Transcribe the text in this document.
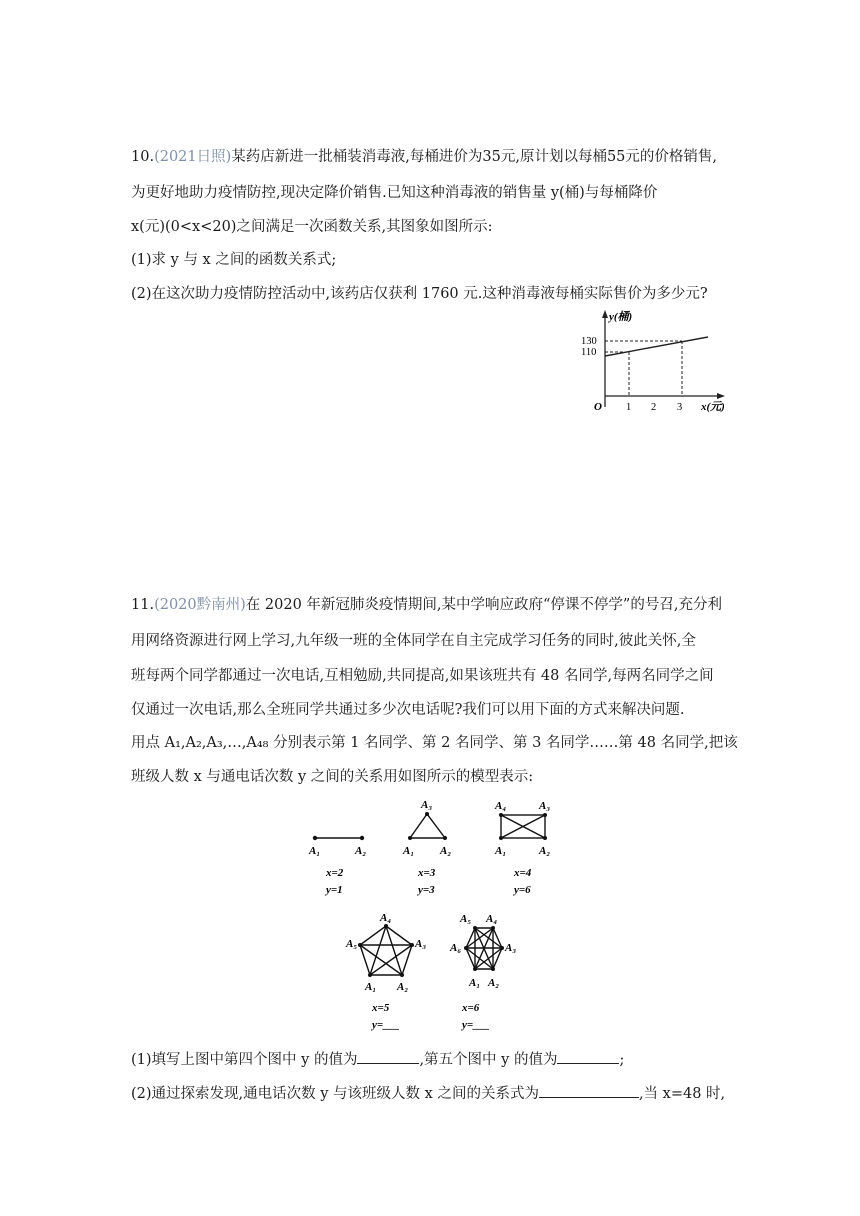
10.(2021日照)某药店新进一批桶装消毒液,每桶进价为35元,原计划以每桶55元的价格销售,
为更好地助力疫情防控,现决定降价销售.已知这种消毒液的销售量 y(桶)与每桶降价
x(元)(0<x<20)之间满足一次函数关系,其图象如图所示:
(1)求 y 与 x 之间的函数关系式;
(2)在这次助力疫情防控活动中,该药店仅获利 1760 元.这种消毒液每桶实际售价为多少元?
y(桶)
x(元)
O
130
110
1 2 3
11.(2020黔南州)在 2020 年新冠肺炎疫情期间,某中学响应政府“停课不停学”的号召,充分利
用网络资源进行网上学习,九年级一班的全体同学在自主完成学习任务的同时,彼此关怀,全
班每两个同学都通过一次电话,互相勉励,共同提高,如果该班共有 48 名同学,每两名同学之间
仅通过一次电话,那么全班同学共通过多少次电话呢?我们可以用下面的方式来解决问题.
用点 A₁,A₂,A₃,…,A₄₈ 分别表示第 1 名同学、第 2 名同学、第 3 名同学……第 48 名同学,把该
班级人数 x 与通电话次数 y 之间的关系用如图所示的模型表示:
A₁	A₂
x=2
y=1
A₃
A₁ A₂
x=3
y=3
A₄	A₃
A₁	A₂
x=4
y=6
A₄
A₃
A₅
A₁ A₂
x=5
y=___
A₅ A₄
A₃
A₆
A₁ A₂
x=6
y=___
(1)填写上图中第四个图中 y 的值为	,第五个图中 y 的值为	;
(2)通过探索发现,通电话次数 y 与该班级人数 x 之间的关系式为	,当 x=48 时,
